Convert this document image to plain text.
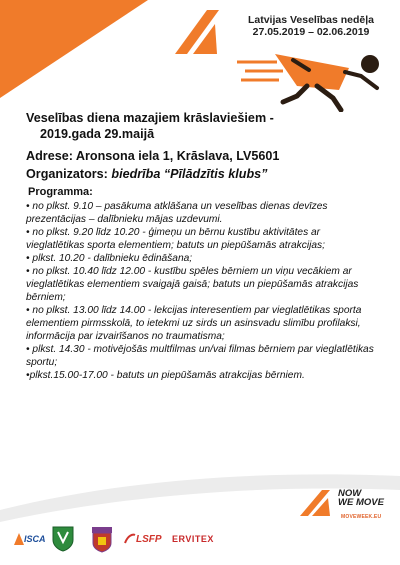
Latvijas Veselības nedēļa
27.05.2019 – 02.06.2019
Veselības diena mazajiem krāslaviešiem -
2019.gada 29.maijā
Adrese: Aronsona iela 1, Krāslava, LV5601
Organizators: biedrība “Pīlādzītis klubs”
Programma:
• no plkst. 9.10 – pasākuma atklāšana un veselības dienas devīzes prezentācijas – dalībnieku mājas uzdevumi.
• no plkst. 9.20 līdz 10.20 - ģimeņu un bērnu kustību aktivitātes ar vieglatlētikas sporta elementiem; batuts un piepūšamās atrakcijas;
• plkst. 10.20 - dalībnieku ēdināšana;
• no plkst. 10.40 līdz 12.00 - kustību spēles bērniem un viņu vecākiem ar vieglatlētikas elementiem svaigajā gaisā; batuts un piepūšamās atrakcijas bērniem;
• no plkst. 13.00 līdz 14.00 - lekcijas interesentiem par vieglatlētikas sporta elementiem pirmsskolā, to ietekmi uz sirds un asinsvadu slimību profilaksi, informācija par izvairīšanos no traumatisma;
• plkst. 14.30 - motivējošās multfilmas un/vai filmas bērniem par vieglatlētikas sportu;
•plkst.15.00-17.00 - batuts un piepūšamās atrakcijas bērniem.
NOW
WE MOVE
MOVEWEEK.EU
ISCA	LSFP ERVITEX
